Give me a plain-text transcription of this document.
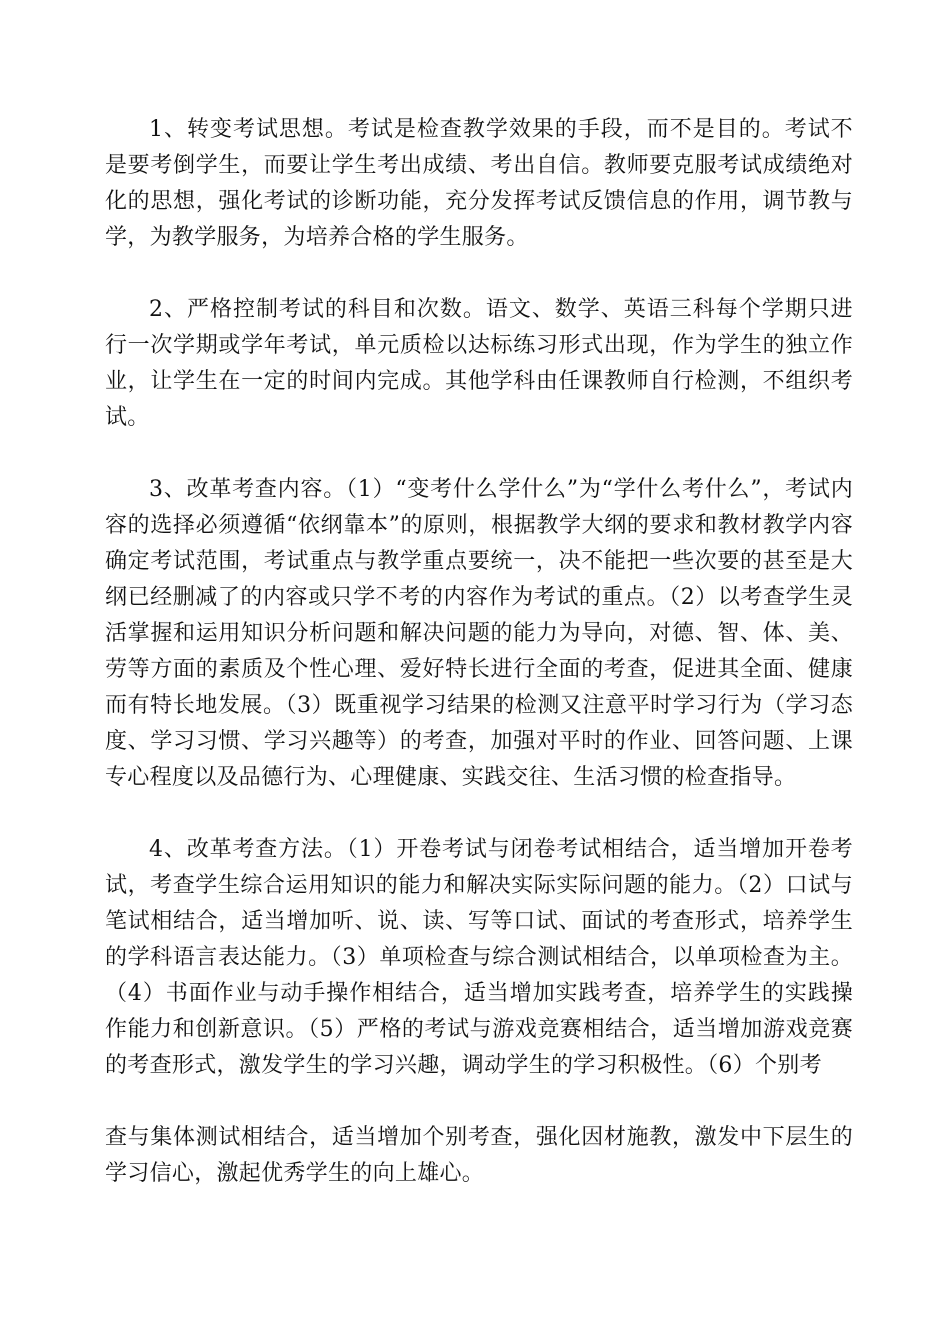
1、转变考试思想。考试是检查教学效果的手段，而不是目的。考试不是要考倒学生，而要让学生考出成绩、考出自信。教师要克服考试成绩绝对化的思想，强化考试的诊断功能，充分发挥考试反馈信息的作用，调节教与学，为教学服务，为培养合格的学生服务。

2、严格控制考试的科目和次数。语文、数学、英语三科每个学期只进行一次学期或学年考试，单元质检以达标练习形式出现，作为学生的独立作业，让学生在一定的时间内完成。其他学科由任课教师自行检测，不组织考试。

3、改革考查内容。（1）“变考什么学什么”为“学什么考什么”，考试内容的选择必须遵循“依纲靠本”的原则，根据教学大纲的要求和教材教学内容确定考试范围，考试重点与教学重点要统一，决不能把一些次要的甚至是大纲已经删减了的内容或只学不考的内容作为考试的重点。（2）以考查学生灵活掌握和运用知识分析问题和解决问题的能力为导向，对德、智、体、美、劳等方面的素质及个性心理、爱好特长进行全面的考查，促进其全面、健康而有特长地发展。（3）既重视学习结果的检测又注意平时学习行为（学习态度、学习习惯、学习兴趣等）的考查，加强对平时的作业、回答问题、上课专心程度以及品德行为、心理健康、实践交往、生活习惯的检查指导。

4、改革考查方法。（1）开卷考试与闭卷考试相结合，适当增加开卷考试，考查学生综合运用知识的能力和解决实际实际问题的能力。（2）口试与笔试相结合，适当增加听、说、读、写等口试、面试的考查形式，培养学生的学科语言表达能力。（3）单项检查与综合测试相结合，以单项检查为主。（4）书面作业与动手操作相结合，适当增加实践考查，培养学生的实践操作能力和创新意识。（5）严格的考试与游戏竞赛相结合，适当增加游戏竞赛的考查形式，激发学生的学习兴趣，调动学生的学习积极性。（6）个别考

查与集体测试相结合，适当增加个别考查，强化因材施教，激发中下层生的学习信心，激起优秀学生的向上雄心。
